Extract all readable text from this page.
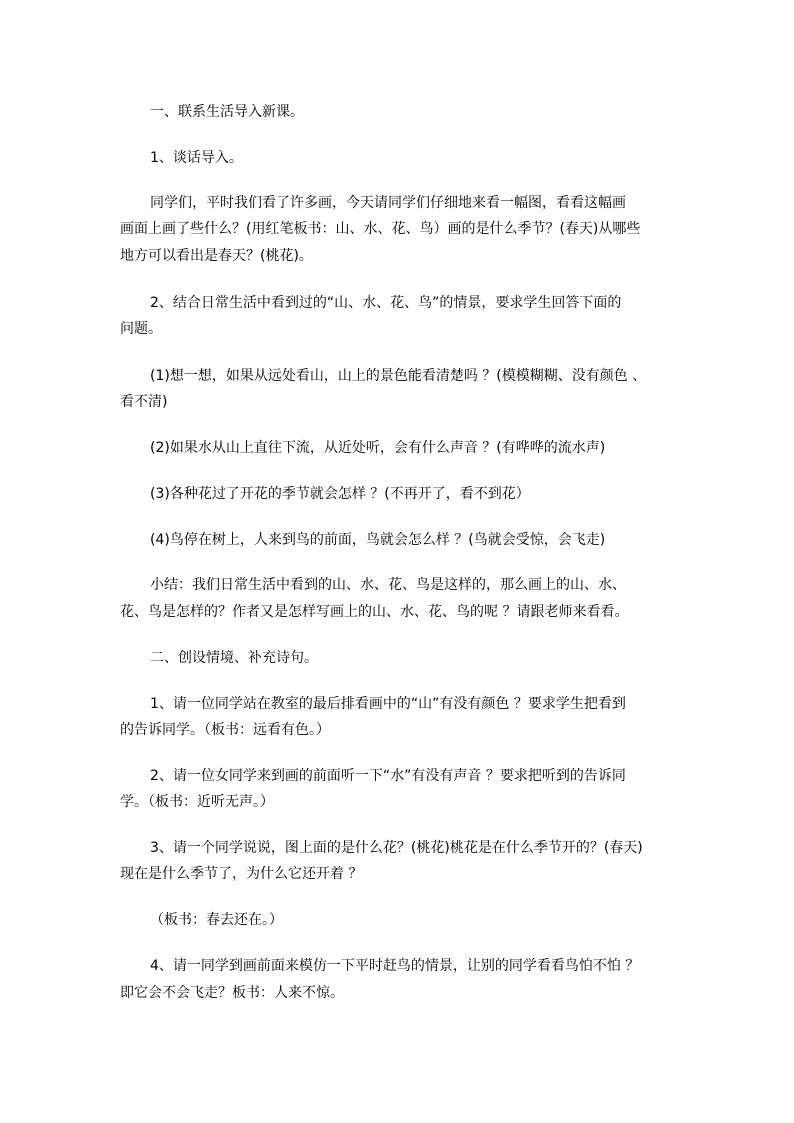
一、联系生活导入新课。
1、谈话导入。
同学们，平时我们看了许多画，今天请同学们仔细地来看一幅图，看看这幅画
画面上画了些什么？(用红笔板书：山、水、花、鸟）画的是什么季节？(春天)从哪些
地方可以看出是春天？(桃花)。
2、结合日常生活中看到过的“山、水、花、鸟”的情景，要求学生回答下面的
问题。
(1)想一想，如果从远处看山，山上的景色能看清楚吗 ？(模模糊糊、没有颜色 、
看不清)
(2)如果水从山上直往下流，从近处听，会有什么声音 ？(有哗哗的流水声)
(3)各种花过了开花的季节就会怎样 ？(不再开了，看不到花）
(4)鸟停在树上，人来到鸟的前面，鸟就会怎么样 ？(鸟就会受惊，会飞走)
小结：我们日常生活中看到的山、水、花、鸟是这样的，那么画上的山、水、
花、鸟是怎样的？作者又是怎样写画上的山、水、花、鸟的呢 ？请跟老师来看看。
二、创设情境、补充诗句。
1、请一位同学站在教室的最后排看画中的“山”有没有颜色 ？要求学生把看到
的告诉同学。（板书：远看有色。）
2、请一位女同学来到画的前面听一下“水”有没有声音 ？要求把听到的告诉同
学。（板书：近听无声。）
3、请一个同学说说，图上面的是什么花？(桃花)桃花是在什么季节开的？(春天)
现在是什么季节了，为什么它还开着 ？
（板书：春去还在。）
4、请一同学到画前面来模仿一下平时赶鸟的情景，让别的同学看看鸟怕不怕 ？
即它会不会飞走？板书：人来不惊。
